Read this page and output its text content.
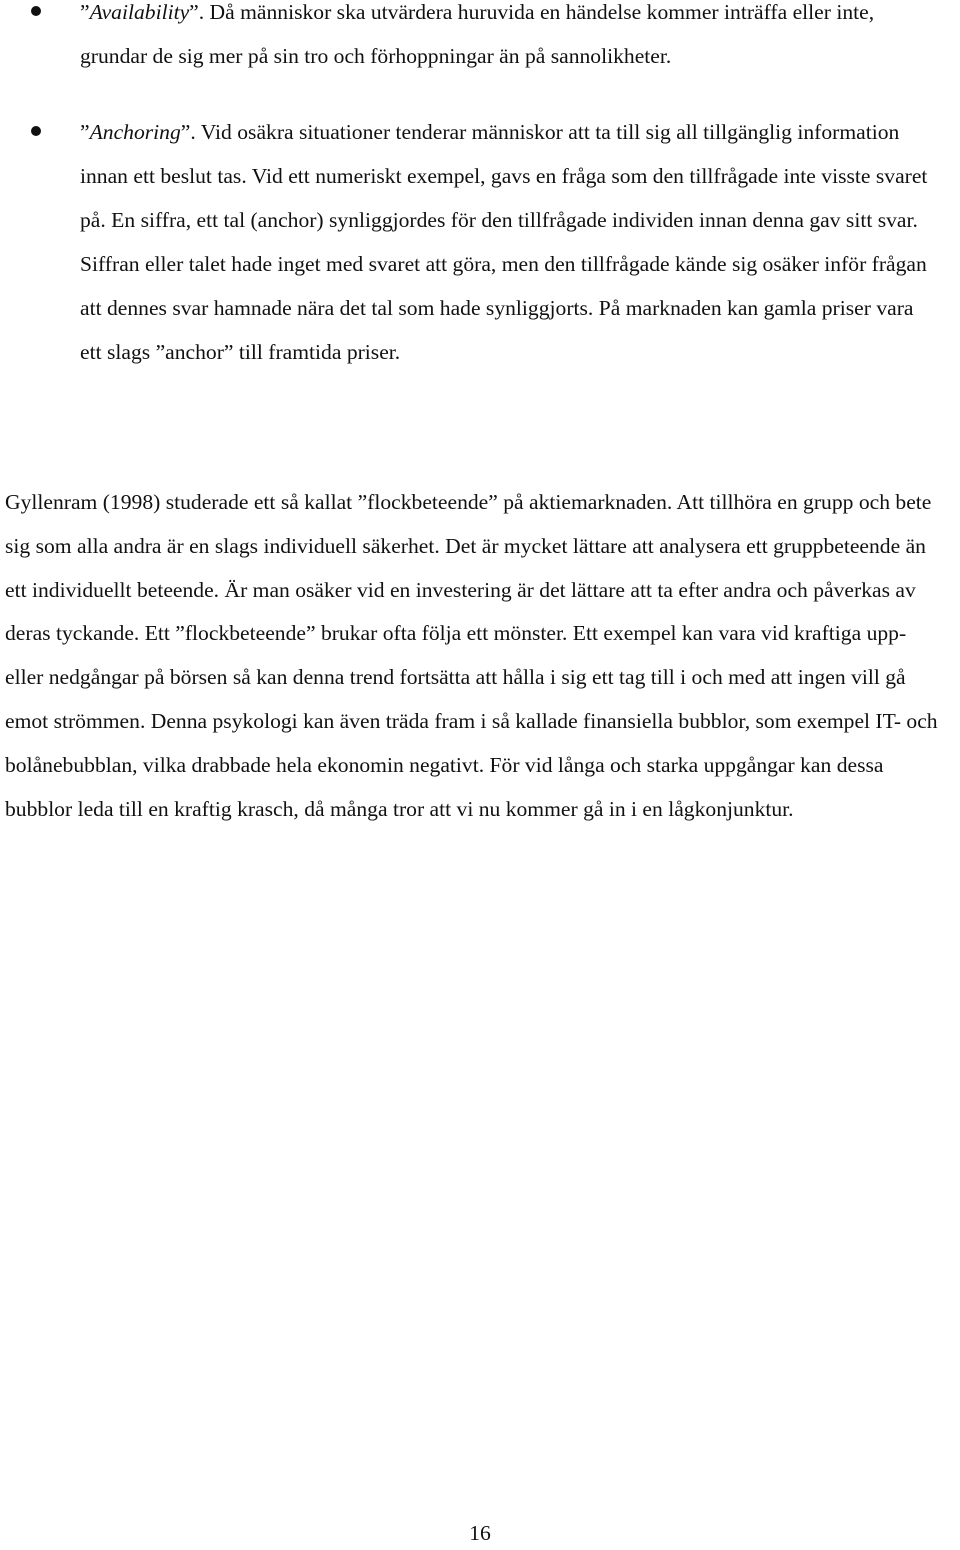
”Availability”. Då människor ska utvärdera huruvida en händelse kommer inträffa eller inte, grundar de sig mer på sin tro och förhoppningar än på sannolikheter.
”Anchoring”. Vid osäkra situationer tenderar människor att ta till sig all tillgänglig information innan ett beslut tas. Vid ett numeriskt exempel, gavs en fråga som den tillfrågade inte visste svaret på. En siffra, ett tal (anchor) synliggjordes för den tillfrågade individen innan denna gav sitt svar. Siffran eller talet hade inget med svaret att göra, men den tillfrågade kände sig osäker inför frågan att dennes svar hamnade nära det tal som hade synliggjorts. På marknaden kan gamla priser vara ett slags ”anchor” till framtida priser.

Gyllenram (1998) studerade ett så kallat ”flockbeteende” på aktiemarknaden. Att tillhöra en grupp och bete sig som alla andra är en slags individuell säkerhet. Det är mycket lättare att analysera ett gruppbeteende än ett individuellt beteende. Är man osäker vid en investering är det lättare att ta efter andra och påverkas av deras tyckande. Ett ”flockbeteende” brukar ofta följa ett mönster. Ett exempel kan vara vid kraftiga upp- eller nedgångar på börsen så kan denna trend fortsätta att hålla i sig ett tag till i och med att ingen vill gå emot strömmen. Denna psykologi kan även träda fram i så kallade finansiella bubblor, som exempel IT- och bolånebubblan, vilka drabbade hela ekonomin negativt. För vid långa och starka uppgångar kan dessa bubblor leda till en kraftig krasch, då många tror att vi nu kommer gå in i en lågkonjunktur.

16
